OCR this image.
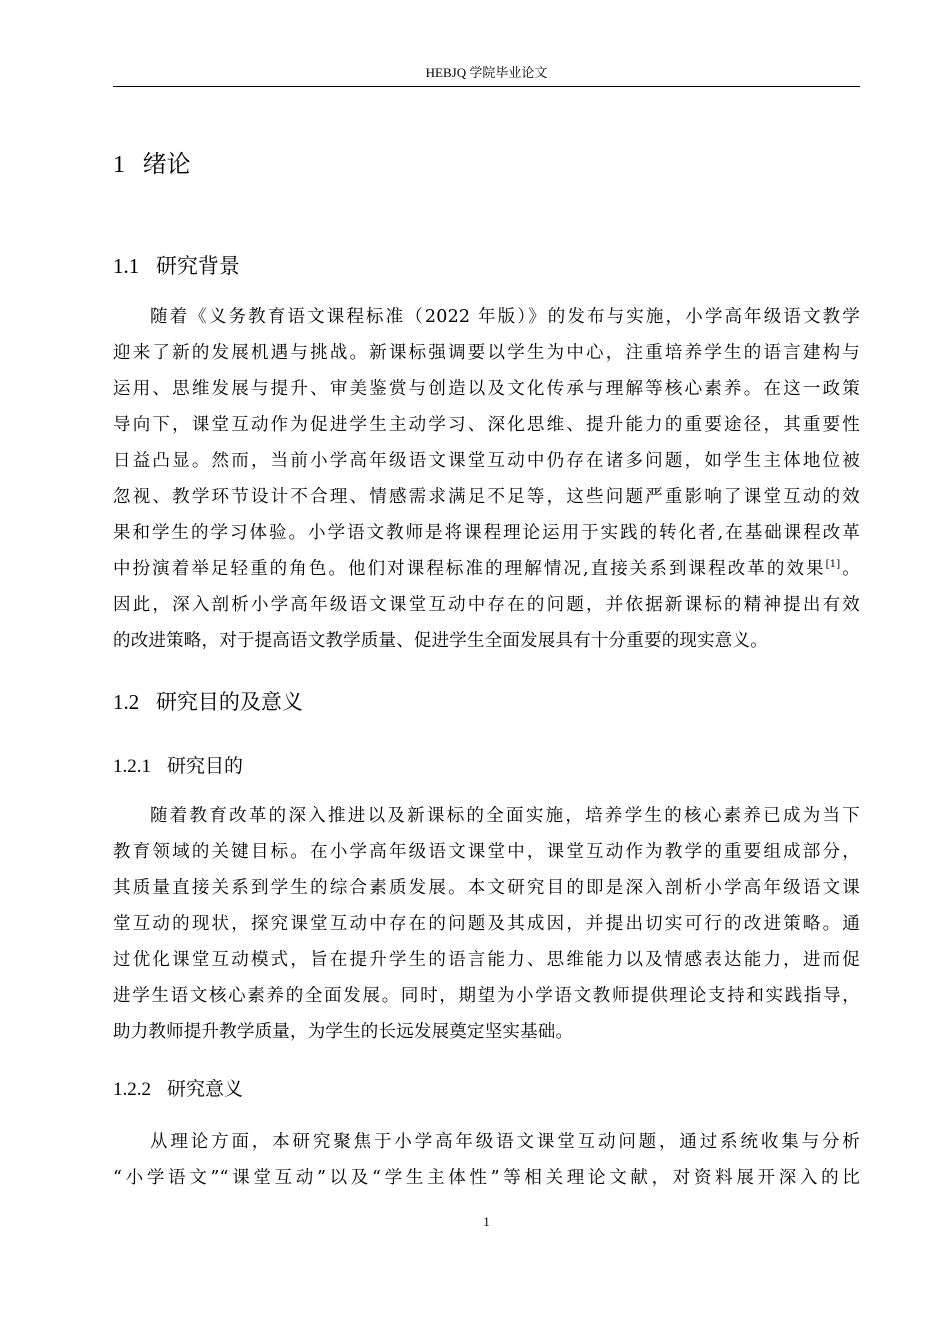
HEBJQ 学院毕业论文
1 绪论
1.1 研究背景
随着《义务教育语文课程标准（2022 年版）》的发布与实施，小学高年级语文教学
迎来了新的发展机遇与挑战。新课标强调要以学生为中心，注重培养学生的语言建构与
运用、思维发展与提升、审美鉴赏与创造以及文化传承与理解等核心素养。在这一政策
导向下，课堂互动作为促进学生主动学习、深化思维、提升能力的重要途径，其重要性
日益凸显。然而，当前小学高年级语文课堂互动中仍存在诸多问题，如学生主体地位被
忽视、教学环节设计不合理、情感需求满足不足等，这些问题严重影响了课堂互动的效
果和学生的学习体验。小学语文教师是将课程理论运用于实践的转化者,在基础课程改革
中扮演着举足轻重的角色。他们对课程标准的理解情况,直接关系到课程改革的效果[1]。
因此，深入剖析小学高年级语文课堂互动中存在的问题，并依据新课标的精神提出有效
的改进策略，对于提高语文教学质量、促进学生全面发展具有十分重要的现实意义。
1.2 研究目的及意义
1.2.1 研究目的
随着教育改革的深入推进以及新课标的全面实施，培养学生的核心素养已成为当下
教育领域的关键目标。在小学高年级语文课堂中，课堂互动作为教学的重要组成部分，
其质量直接关系到学生的综合素质发展。本文研究目的即是深入剖析小学高年级语文课
堂互动的现状，探究课堂互动中存在的问题及其成因，并提出切实可行的改进策略。通
过优化课堂互动模式，旨在提升学生的语言能力、思维能力以及情感表达能力，进而促
进学生语文核心素养的全面发展。同时，期望为小学语文教师提供理论支持和实践指导，
助力教师提升教学质量，为学生的长远发展奠定坚实基础。
1.2.2 研究意义
从理论方面，本研究聚焦于小学高年级语文课堂互动问题，通过系统收集与分析
“小学语文”“课堂互动”以及“学生主体性”等相关理论文献，对资料展开深入的比
1
